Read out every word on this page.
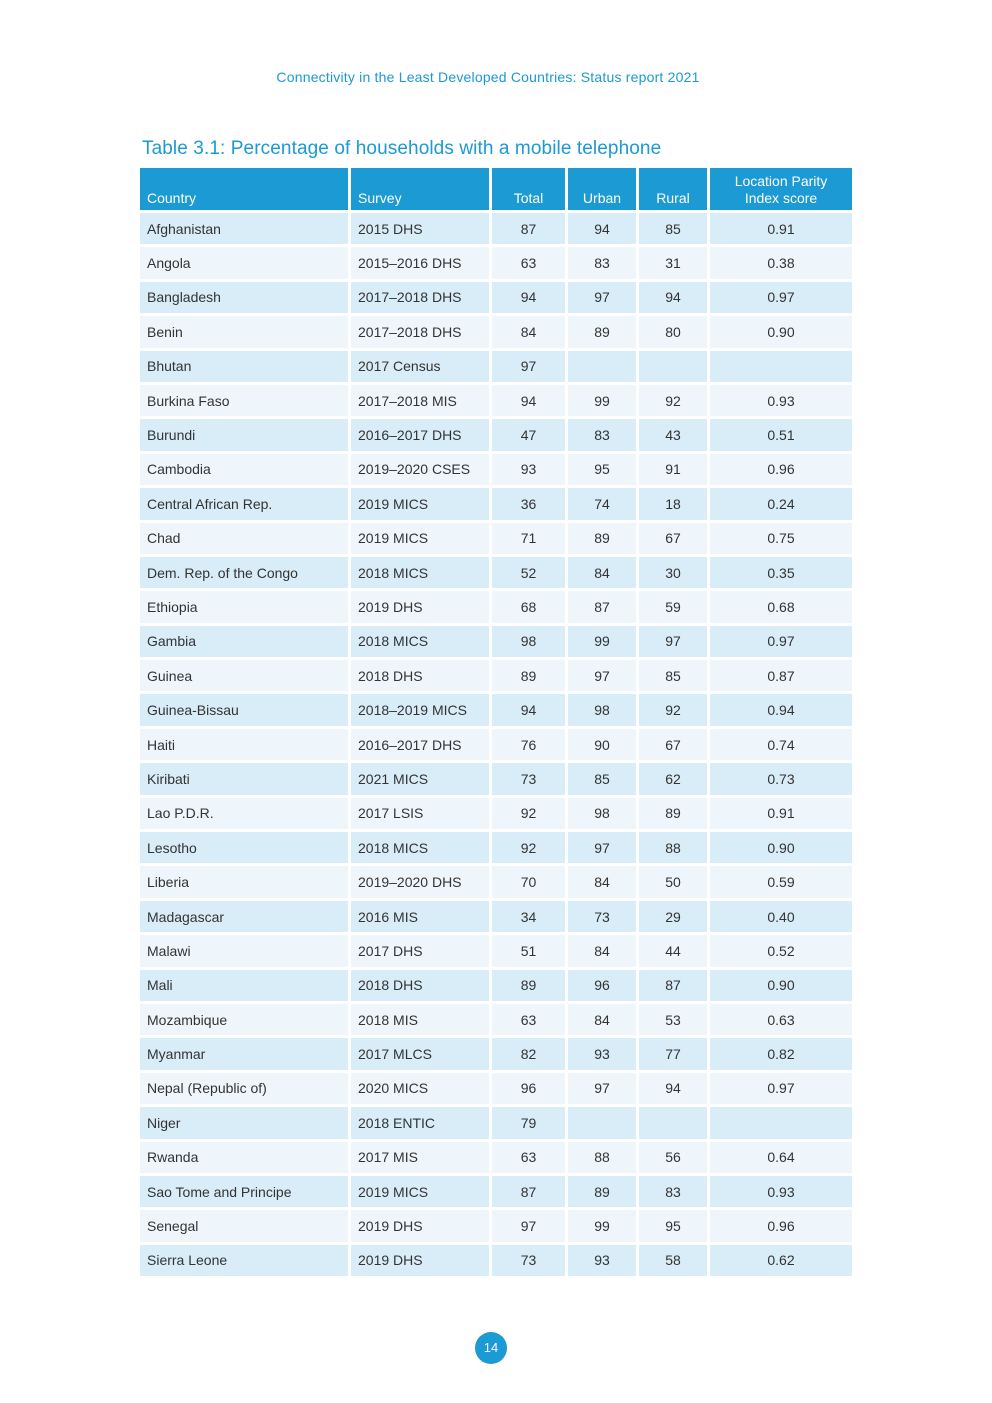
Connectivity in the Least Developed Countries: Status report 2021
Table 3.1: Percentage of households with a mobile telephone
Country	Survey	Total	Urban	Rural	Location Parity Index score
Afghanistan	2015 DHS	87	94	85	0.91
Angola	2015–2016 DHS	63	83	31	0.38
Bangladesh	2017–2018 DHS	94	97	94	0.97
Benin	2017–2018 DHS	84	89	80	0.90
Bhutan	2017 Census	97			
Burkina Faso	2017–2018 MIS	94	99	92	0.93
Burundi	2016–2017 DHS	47	83	43	0.51
Cambodia	2019–2020 CSES	93	95	91	0.96
Central African Rep.	2019 MICS	36	74	18	0.24
Chad	2019 MICS	71	89	67	0.75
Dem. Rep. of the Congo	2018 MICS	52	84	30	0.35
Ethiopia	2019 DHS	68	87	59	0.68
Gambia	2018 MICS	98	99	97	0.97
Guinea	2018 DHS	89	97	85	0.87
Guinea-Bissau	2018–2019 MICS	94	98	92	0.94
Haiti	2016–2017 DHS	76	90	67	0.74
Kiribati	2021 MICS	73	85	62	0.73
Lao P.D.R.	2017 LSIS	92	98	89	0.91
Lesotho	2018 MICS	92	97	88	0.90
Liberia	2019–2020 DHS	70	84	50	0.59
Madagascar	2016 MIS	34	73	29	0.40
Malawi	2017 DHS	51	84	44	0.52
Mali	2018 DHS	89	96	87	0.90
Mozambique	2018 MIS	63	84	53	0.63
Myanmar	2017 MLCS	82	93	77	0.82
Nepal (Republic of)	2020 MICS	96	97	94	0.97
Niger	2018 ENTIC	79			
Rwanda	2017 MIS	63	88	56	0.64
Sao Tome and Principe	2019 MICS	87	89	83	0.93
Senegal	2019 DHS	97	99	95	0.96
Sierra Leone	2019 DHS	73	93	58	0.62
14
